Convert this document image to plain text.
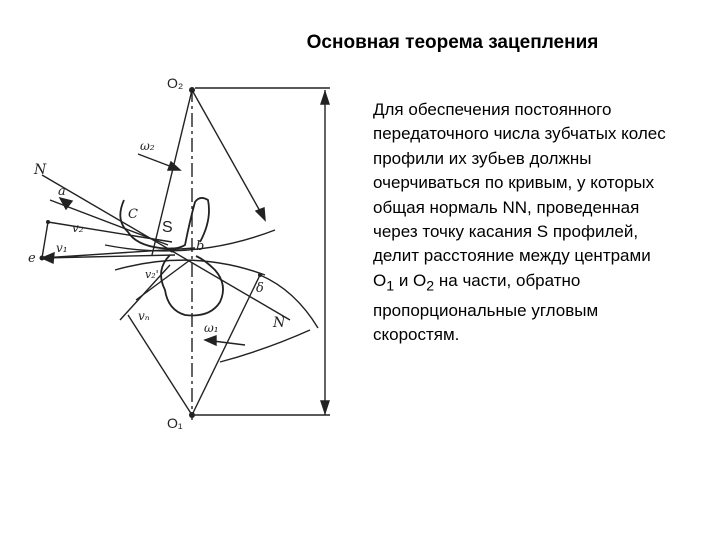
Основная теорема зацепления
O₂
O₁
N
N
S
C
b
a
e
δ
ω₂
ω₁
v₂
v₁
vₙ
v₂'
Для обеспечения постоянного передаточного числа зубчатых колес профили их зубьев должны очерчиваться по кривым, у которых общая нормаль NN, проведенная через точку касания S профилей, делит расстояние между центрами $O_1$ и $O_2$ на части, обратно пропорциональные угловым скоростям.
